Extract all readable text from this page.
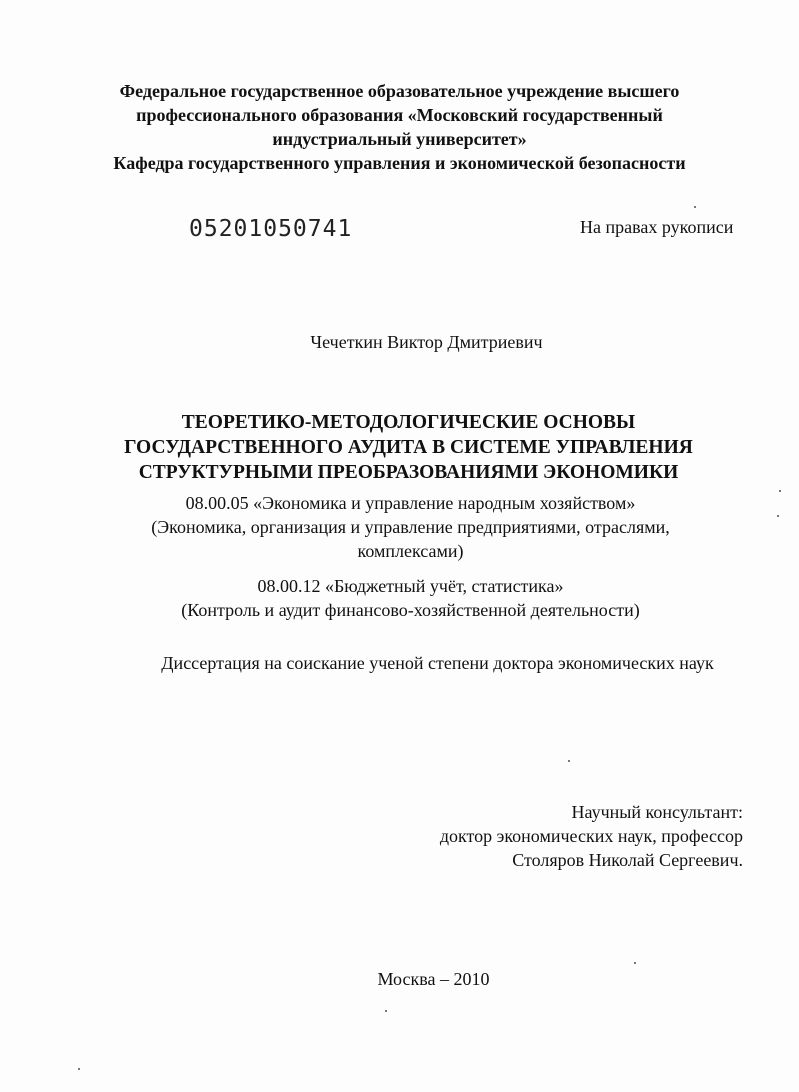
Федеральное государственное образовательное учреждение высшего
профессионального образования «Московский государственный
индустриальный университет»
Кафедра государственного управления и экономической безопасности
05201050741	На правах рукописи
Чечеткин Виктор Дмитриевич
ТЕОРЕТИКО-МЕТОДОЛОГИЧЕСКИЕ ОСНОВЫ
ГОСУДАРСТВЕННОГО АУДИТА В СИСТЕМЕ УПРАВЛЕНИЯ
СТРУКТУРНЫМИ ПРЕОБРАЗОВАНИЯМИ ЭКОНОМИКИ
08.00.05 «Экономика и управление народным хозяйством»
(Экономика, организация и управление предприятиями, отраслями,
комплексами)
08.00.12 «Бюджетный учёт, статистика»
(Контроль и аудит финансово-хозяйственной деятельности)
Диссертация на соискание ученой степени доктора экономических наук
Научный консультант:
доктор экономических наук, профессор
Столяров Николай Сергеевич.
Москва – 2010
